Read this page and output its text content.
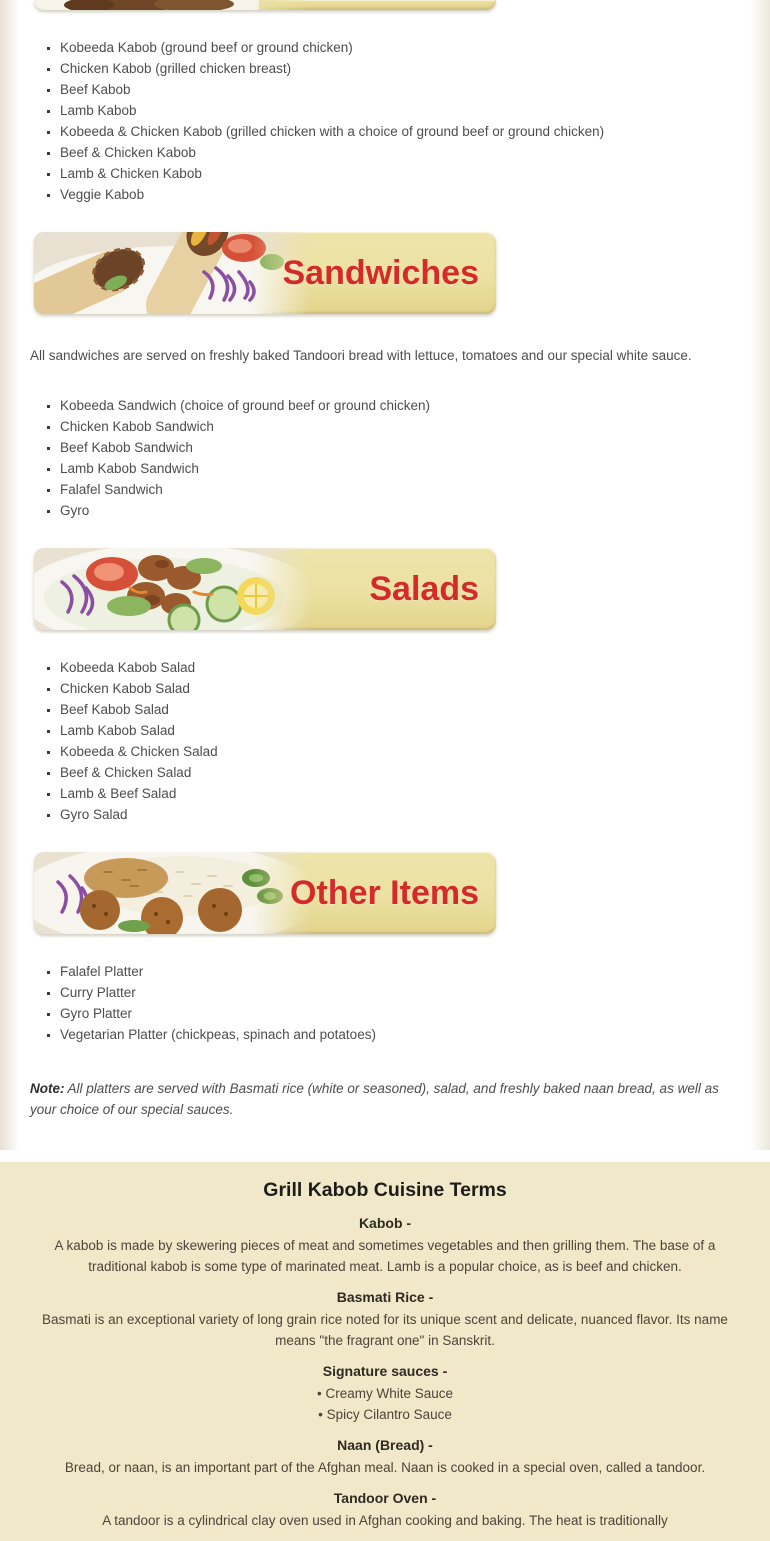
▪ Kobeeda Kabob (ground beef or ground chicken)
▪ Chicken Kabob (grilled chicken breast)
▪ Beef Kabob
▪ Lamb Kabob
▪ Kobeeda & Chicken Kabob (grilled chicken with a choice of ground beef or ground chicken)
▪ Beef & Chicken Kabob
▪ Lamb & Chicken Kabob
▪ Veggie Kabob
Sandwiches

All sandwiches are served on freshly baked Tandoori bread with lettuce, tomatoes and our special white sauce.

▪ Kobeeda Sandwich (choice of ground beef or ground chicken)
▪ Chicken Kabob Sandwich
▪ Beef Kabob Sandwich
▪ Lamb Kabob Sandwich
▪ Falafel Sandwich
▪ Gyro
Salads
▪ Kobeeda Kabob Salad
▪ Chicken Kabob Salad
▪ Beef Kabob Salad
▪ Lamb Kabob Salad
▪ Kobeeda & Chicken Salad
▪ Beef & Chicken Salad
▪ Lamb & Beef Salad
▪ Gyro Salad
Other Items
▪ Falafel Platter
▪ Curry Platter
▪ Gyro Platter
▪ Vegetarian Platter (chickpeas, spinach and potatoes)

Note: All platters are served with Basmati rice (white or seasoned), salad, and freshly baked naan bread, as well as your choice of our special sauces.

Grill Kabob Cuisine Terms
Kabob -
A kabob is made by skewering pieces of meat and sometimes vegetables and then grilling them. The base of a traditional kabob is some type of marinated meat. Lamb is a popular choice, as is beef and chicken.
Basmati Rice -
Basmati is an exceptional variety of long grain rice noted for its unique scent and delicate, nuanced flavor. Its name means "the fragrant one" in Sanskrit.
Signature sauces -
• Creamy White Sauce
• Spicy Cilantro Sauce
Naan (Bread) -
Bread, or naan, is an important part of the Afghan meal. Naan is cooked in a special oven, called a tandoor.
Tandoor Oven -
A tandoor is a cylindrical clay oven used in Afghan cooking and baking. The heat is traditionally
